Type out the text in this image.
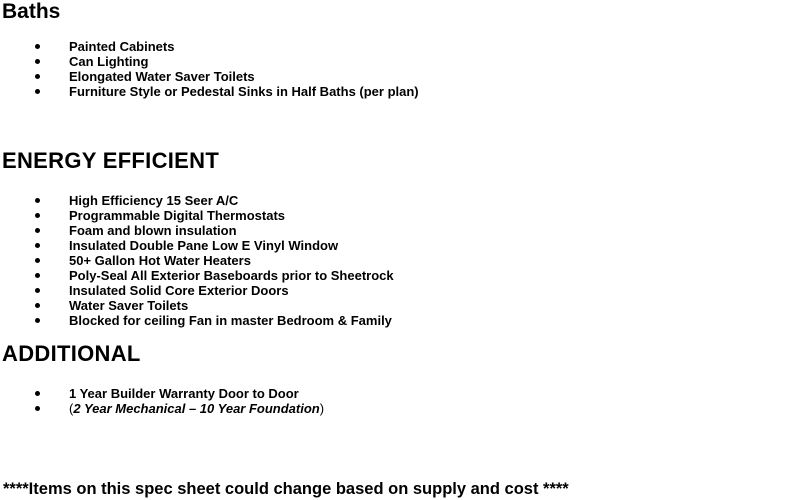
Baths
Painted Cabinets
Can Lighting
Elongated Water Saver Toilets
Furniture Style or Pedestal Sinks in Half Baths (per plan)
ENERGY EFFICIENT
High Efficiency 15 Seer A/C
Programmable Digital Thermostats
Foam and blown insulation
Insulated Double Pane Low E Vinyl Window
50+ Gallon Hot Water Heaters
Poly-Seal All Exterior Baseboards prior to Sheetrock
Insulated Solid Core Exterior Doors
Water Saver Toilets
Blocked for ceiling Fan in master Bedroom & Family
ADDITIONAL
1 Year Builder Warranty Door to Door
(2 Year Mechanical – 10 Year Foundation)

****Items on this spec sheet could change based on supply and cost ****
